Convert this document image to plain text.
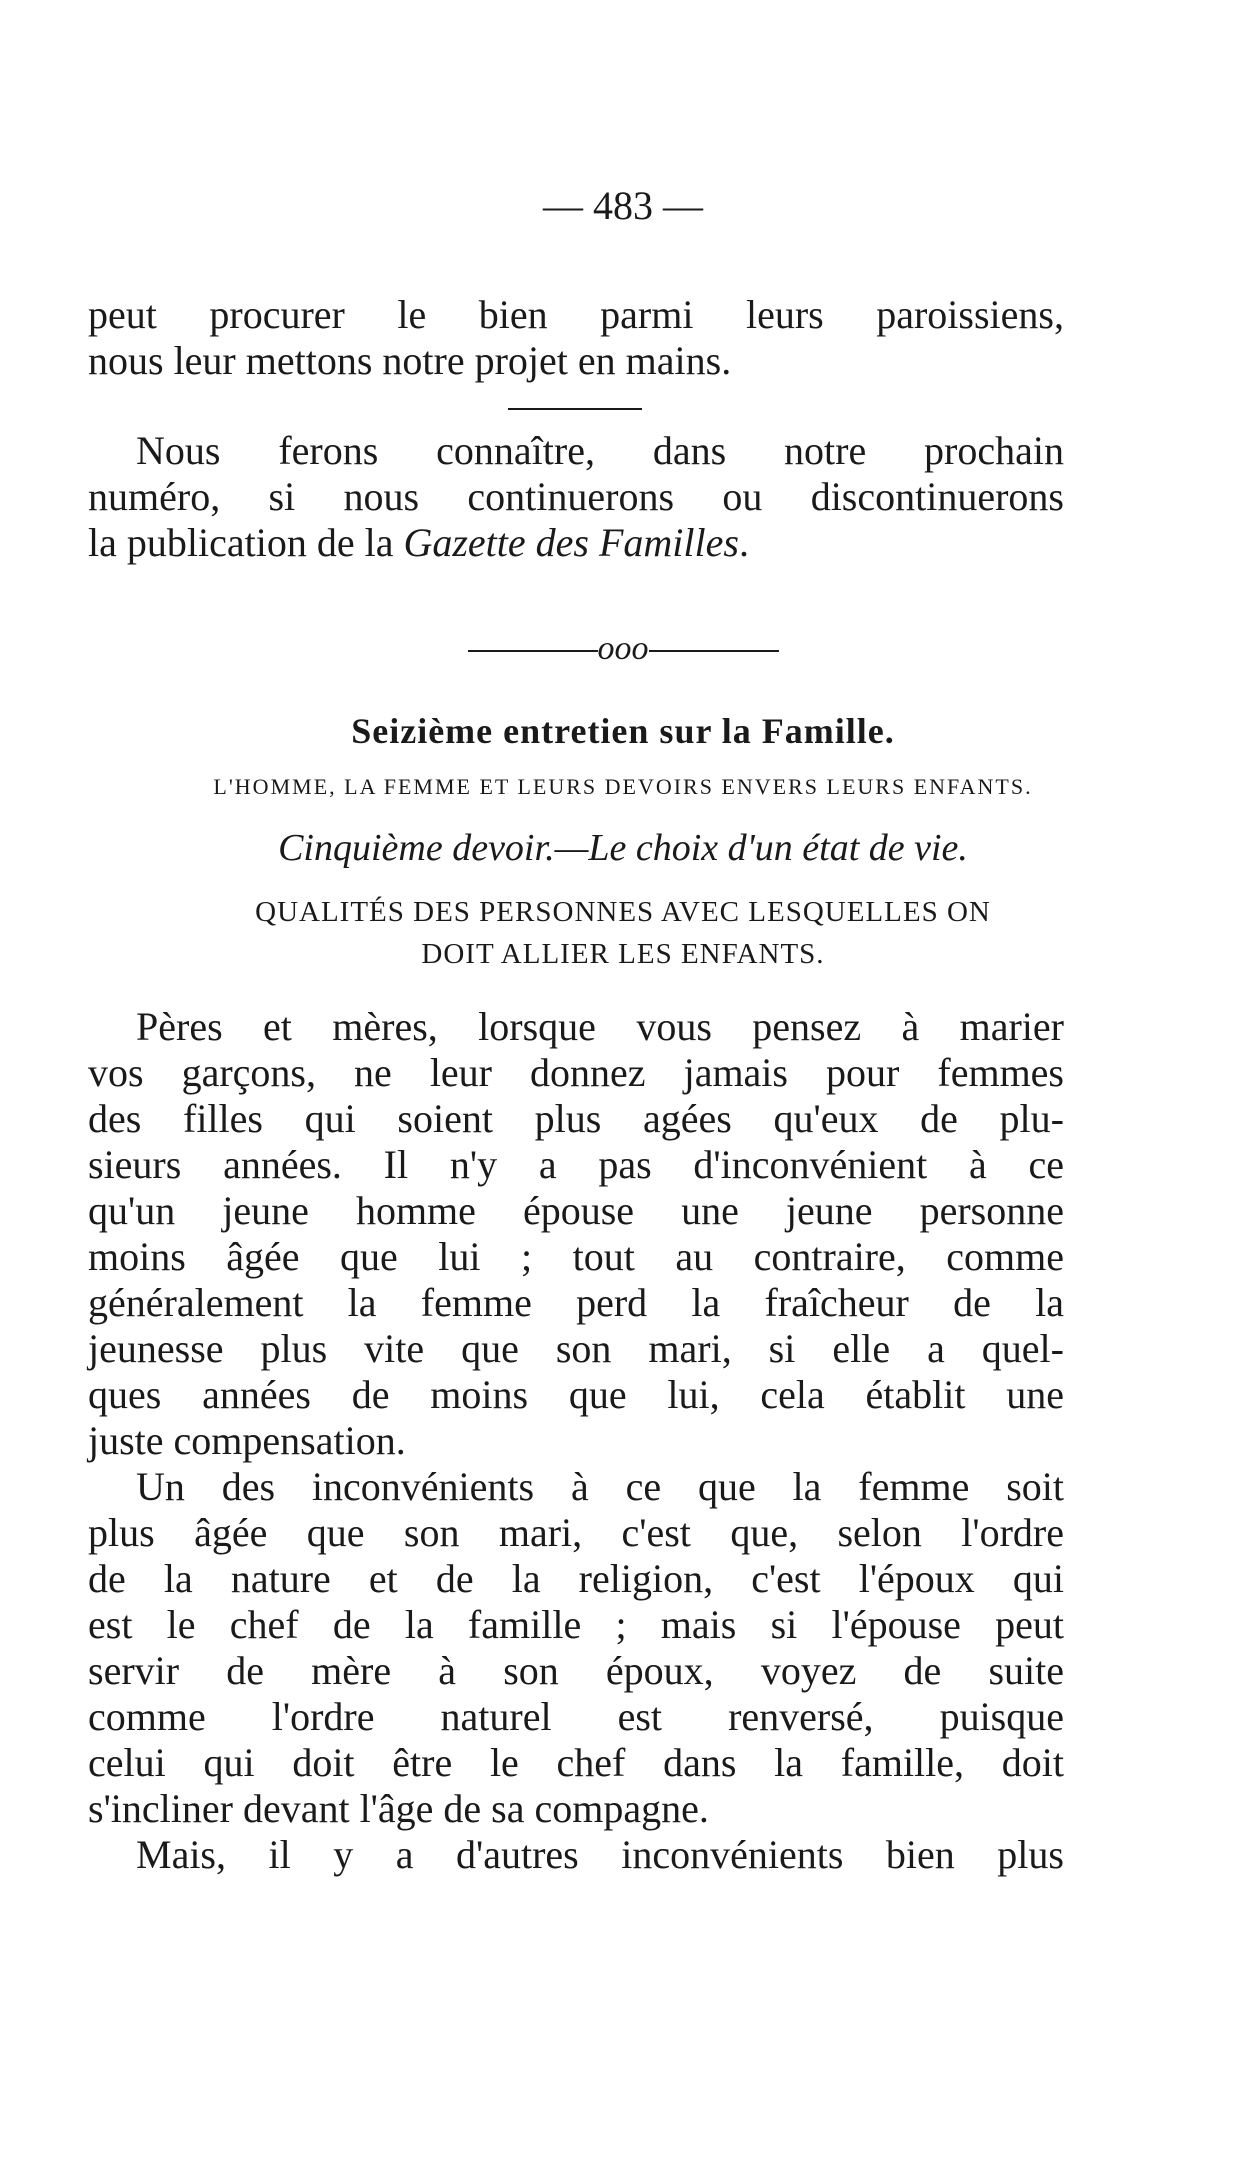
— 483 —
peut procurer le bien parmi leurs paroissiens,
nous leur mettons notre projet en mains.
Nous ferons connaître, dans notre prochain
numéro, si nous continuerons ou discontinuerons
la publication de la Gazette des Familles.
ooo
Seizième entretien sur la Famille.
L'HOMME, LA FEMME ET LEURS DEVOIRS ENVERS LEURS ENFANTS.
Cinquième devoir.—Le choix d'un état de vie.
QUALITÉS DES PERSONNES AVEC LESQUELLES ON
DOIT ALLIER LES ENFANTS.
Pères et mères, lorsque vous pensez à marier
vos garçons, ne leur donnez jamais pour femmes
des filles qui soient plus agées qu'eux de plu-
sieurs années. Il n'y a pas d'inconvénient à ce
qu'un jeune homme épouse une jeune personne
moins âgée que lui ; tout au contraire, comme
généralement la femme perd la fraîcheur de la
jeunesse plus vite que son mari, si elle a quel-
ques années de moins que lui, cela établit une
juste compensation.
Un des inconvénients à ce que la femme soit
plus âgée que son mari, c'est que, selon l'ordre
de la nature et de la religion, c'est l'époux qui
est le chef de la famille ; mais si l'épouse peut
servir de mère à son époux, voyez de suite
comme l'ordre naturel est renversé, puisque
celui qui doit être le chef dans la famille, doit
s'incliner devant l'âge de sa compagne.
Mais, il y a d'autres inconvénients bien plus
